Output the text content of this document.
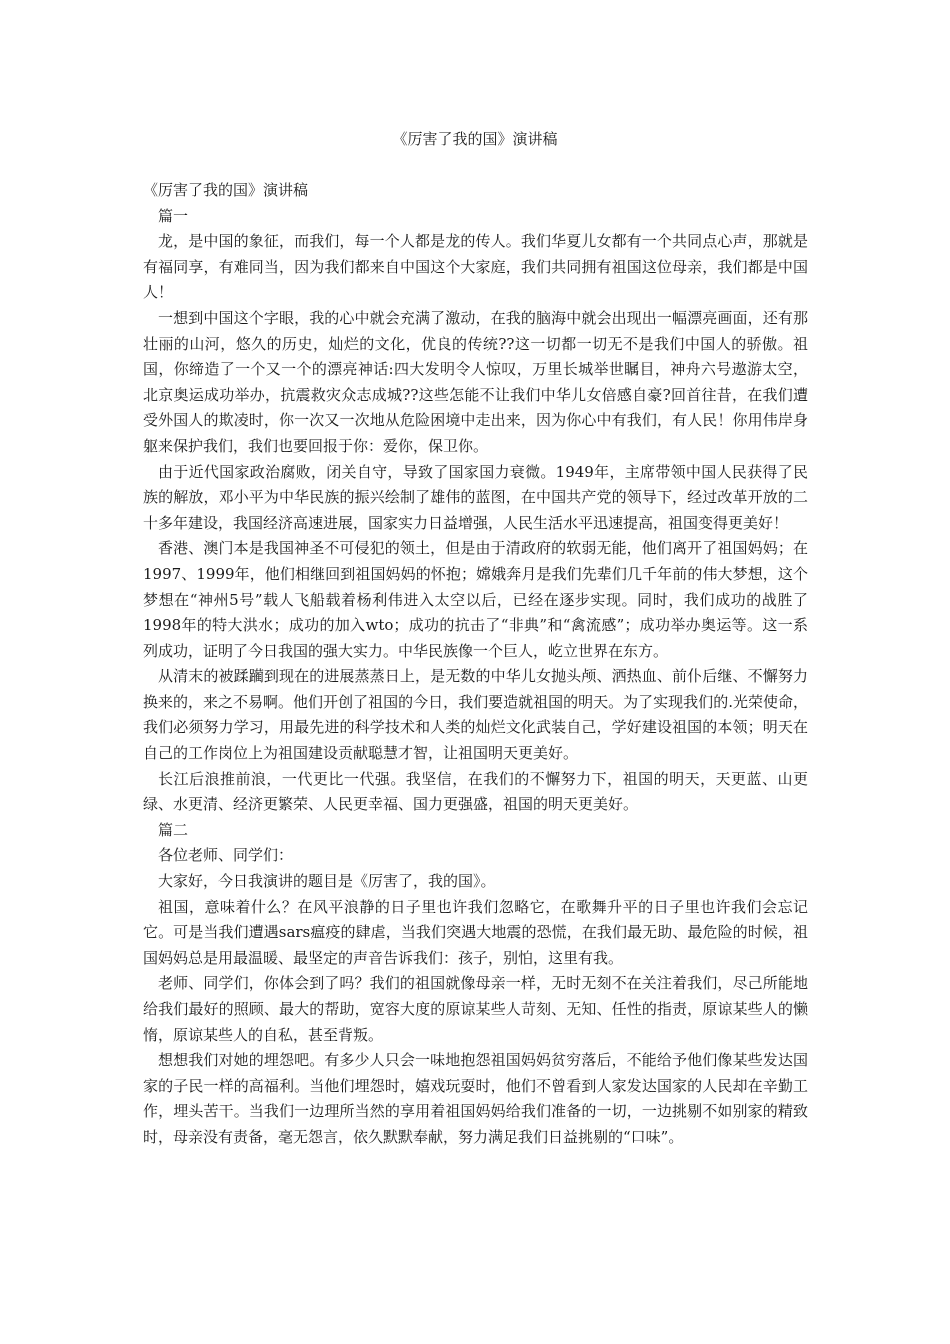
《厉害了我的国》演讲稿

《厉害了我的国》演讲稿

篇一

龙，是中国的象征，而我们，每一个人都是龙的传人。我们华夏儿女都有一个共同点心声，那就是有福同享，有难同当，因为我们都来自中国这个大家庭，我们共同拥有祖国这位母亲，我们都是中国人！

一想到中国这个字眼，我的心中就会充满了激动，在我的脑海中就会出现出一幅漂亮画面，还有那壮丽的山河，悠久的历史，灿烂的文化，优良的传统??这一切都一切无不是我们中国人的骄傲。祖国，你缔造了一个又一个的漂亮神话:四大发明令人惊叹，万里长城举世瞩目，神舟六号遨游太空，北京奥运成功举办，抗震救灾众志成城??这些怎能不让我们中华儿女倍感自豪?回首往昔，在我们遭受外国人的欺凌时，你一次又一次地从危险困境中走出来，因为你心中有我们，有人民！你用伟岸身躯来保护我们，我们也要回报于你：爱你，保卫你。

由于近代国家政治腐败，闭关自守，导致了国家国力衰微。1949年，主席带领中国人民获得了民族的解放，邓小平为中华民族的振兴绘制了雄伟的蓝图，在中国共产党的领导下，经过改革开放的二十多年建设，我国经济高速进展，国家实力日益增强，人民生活水平迅速提高，祖国变得更美好！

香港、澳门本是我国神圣不可侵犯的领土，但是由于清政府的软弱无能，他们离开了祖国妈妈；在1997、1999年，他们相继回到祖国妈妈的怀抱；嫦娥奔月是我们先辈们几千年前的伟大梦想，这个梦想在“神州5号”载人飞船载着杨利伟进入太空以后，已经在逐步实现。同时，我们成功的战胜了1998年的特大洪水；成功的加入wto；成功的抗击了“非典”和“禽流感”；成功举办奥运等。这一系列成功，证明了今日我国的强大实力。中华民族像一个巨人，屹立世界在东方。

从清末的被蹂躏到现在的进展蒸蒸日上，是无数的中华儿女抛头颅、洒热血、前仆后继、不懈努力换来的，来之不易啊。他们开创了祖国的今日，我们要造就祖国的明天。为了实现我们的.光荣使命，我们必须努力学习，用最先进的科学技术和人类的灿烂文化武装自己，学好建设祖国的本领；明天在自己的工作岗位上为祖国建设贡献聪慧才智，让祖国明天更美好。

长江后浪推前浪，一代更比一代强。我坚信，在我们的不懈努力下，祖国的明天，天更蓝、山更绿、水更清、经济更繁荣、人民更幸福、国力更强盛，祖国的明天更美好。

篇二

各位老师、同学们：

大家好，今日我演讲的题目是《厉害了，我的国》。

祖国，意味着什么？在风平浪静的日子里也许我们忽略它，在歌舞升平的日子里也许我们会忘记它。可是当我们遭遇sars瘟疫的肆虐，当我们突遇大地震的恐慌，在我们最无助、最危险的时候，祖国妈妈总是用最温暖、最坚定的声音告诉我们：孩子，别怕，这里有我。

老师、同学们，你体会到了吗？我们的祖国就像母亲一样，无时无刻不在关注着我们，尽己所能地给我们最好的照顾、最大的帮助，宽容大度的原谅某些人苛刻、无知、任性的指责，原谅某些人的懒惰，原谅某些人的自私，甚至背叛。

想想我们对她的埋怨吧。有多少人只会一味地抱怨祖国妈妈贫穷落后，不能给予他们像某些发达国家的子民一样的高福利。当他们埋怨时，嬉戏玩耍时，他们不曾看到人家发达国家的人民却在辛勤工作，埋头苦干。当我们一边理所当然的享用着祖国妈妈给我们准备的一切，一边挑剔不如别家的精致时，母亲没有责备，毫无怨言，依久默默奉献，努力满足我们日益挑剔的“口味”。
